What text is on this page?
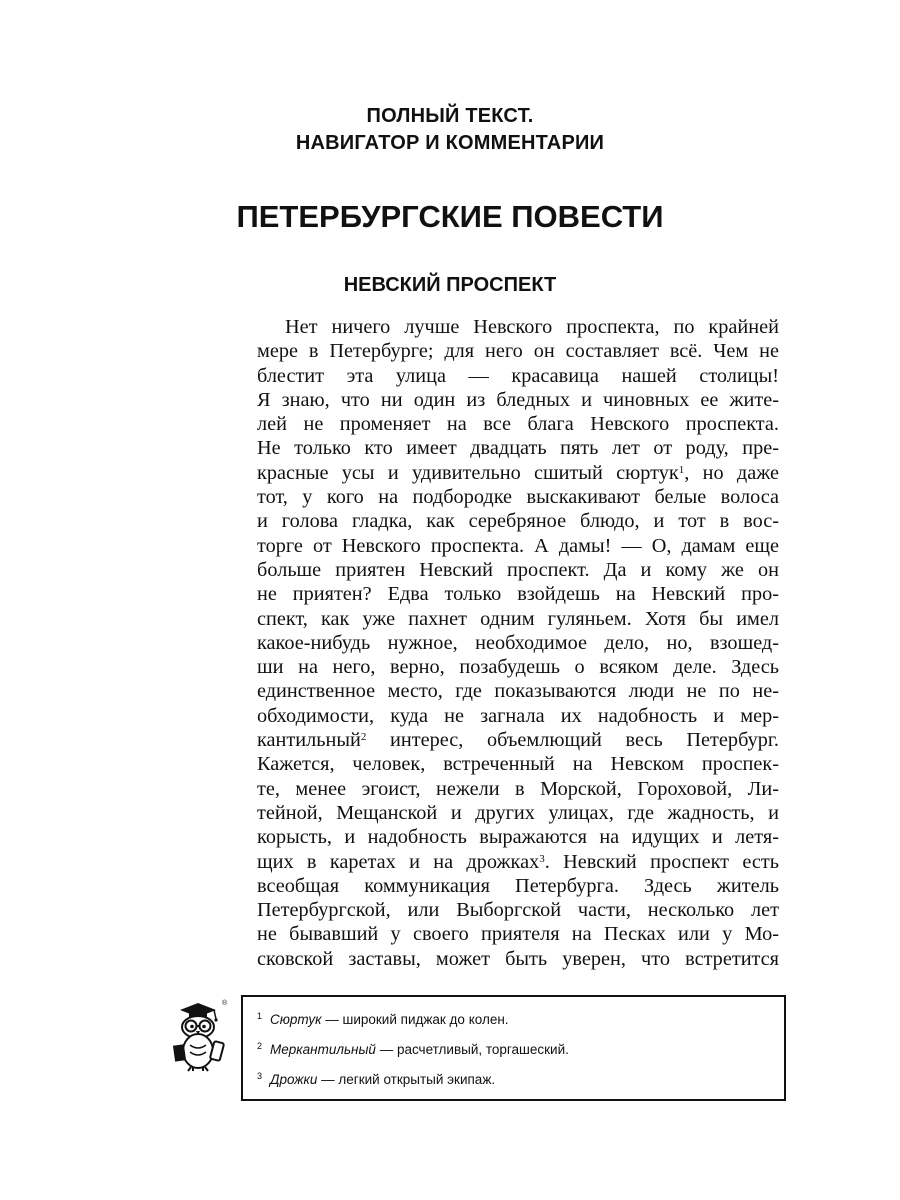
ПОЛНЫЙ ТЕКСТ.
НАВИГАТОР И КОММЕНТАРИИ
ПЕТЕРБУРГСКИЕ ПОВЕСТИ
НЕВСКИЙ ПРОСПЕКТ
Нет ничего лучше Невского проспекта, по крайней
мере в Петербурге; для него он составляет всё. Чем не
блестит эта улица — красавица нашей столицы!
Я знаю, что ни один из бледных и чиновных ее жите-
лей не променяет на все блага Невского проспекта.
Не только кто имеет двадцать пять лет от роду, пре-
красные усы и удивительно сшитый сюртук$^1$, но даже
тот, у кого на подбородке выскакивают белые волоса
и голова гладка, как серебряное блюдо, и тот в вос-
торге от Невского проспекта. А дамы! — О, дамам еще
больше приятен Невский проспект. Да и кому же он
не приятен? Едва только взойдешь на Невский про-
спект, как уже пахнет одним гуляньем. Хотя бы имел
какое-нибудь нужное, необходимое дело, но, взошед-
ши на него, верно, позабудешь о всяком деле. Здесь
единственное место, где показываются люди не по не-
обходимости, куда не загнала их надобность и мер-
кантильный$^2$ интерес, объемлющий весь Петербург.
Кажется, человек, встреченный на Невском проспек-
те, менее эгоист, нежели в Морской, Гороховой, Ли-
тейной, Мещанской и других улицах, где жадность, и
корысть, и надобность выражаются на идущих и летя-
щих в каретах и на дрожках$^3$. Невский проспект есть
всеобщая коммуникация Петербурга. Здесь житель
Петербургской, или Выборгской части, несколько лет
не бывавший у своего приятеля на Песках или у Мо-
сковской заставы, может быть уверен, что встретится
®
$^1$ Сюртук — широкий пиджак до колен.
$^2$ Меркантильный — расчетливый, торгашеский.
$^3$ Дрожки — легкий открытый экипаж.
